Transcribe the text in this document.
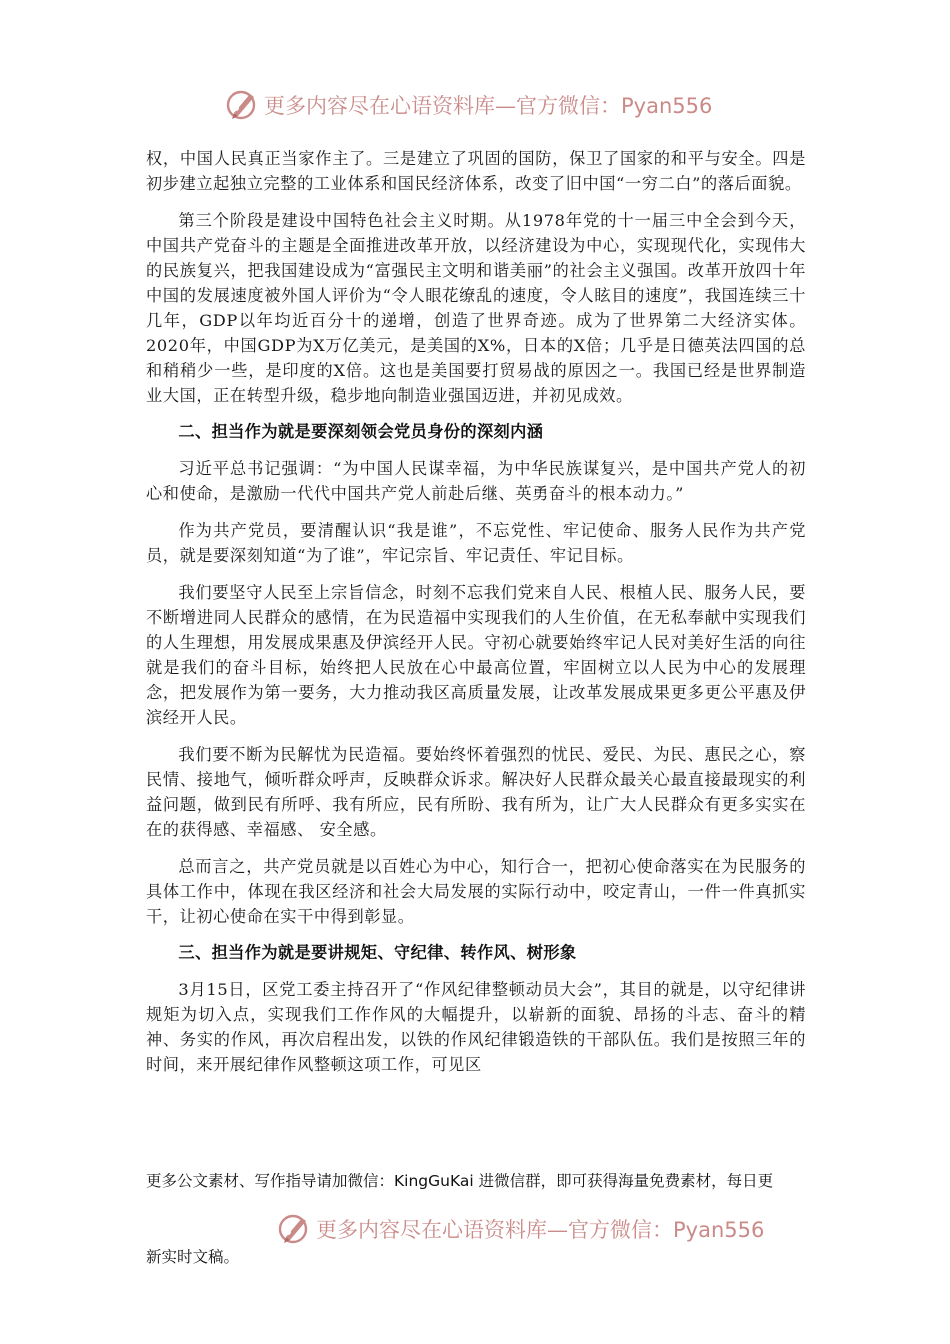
更多内容尽在心语资料库—官方微信：Pyan556

权，中国人民真正当家作主了。三是建立了巩固的国防，保卫了国家的和平与安全。四是初步建立起独立完整的工业体系和国民经济体系，改变了旧中国“一穷二白”的落后面貌。

第三个阶段是建设中国特色社会主义时期。从1978年党的十一届三中全会到今天，中国共产党奋斗的主题是全面推进改革开放，以经济建设为中心，实现现代化，实现伟大的民族复兴，把我国建设成为“富强民主文明和谐美丽”的社会主义强国。改革开放四十年中国的发展速度被外国人评价为“令人眼花缭乱的速度，令人眩目的速度”，我国连续三十几年，GDP以年均近百分十的递增，创造了世界奇迹。成为了世界第二大经济实体。2020年，中国GDP为X万亿美元，是美国的X%，日本的X倍；几乎是日德英法四国的总和稍稍少一些，是印度的X倍。这也是美国要打贸易战的原因之一。我国已经是世界制造业大国，正在转型升级，稳步地向制造业强国迈进，并初见成效。

二、担当作为就是要深刻领会党员身份的深刻内涵

习近平总书记强调：“为中国人民谋幸福，为中华民族谋复兴，是中国共产党人的初心和使命，是激励一代代中国共产党人前赴后继、英勇奋斗的根本动力。”

作为共产党员，要清醒认识“我是谁”，不忘党性、牢记使命、服务人民作为共产党员，就是要深刻知道“为了谁”，牢记宗旨、牢记责任、牢记目标。

我们要坚守人民至上宗旨信念，时刻不忘我们党来自人民、根植人民、服务人民，要不断增进同人民群众的感情，在为民造福中实现我们的人生价值，在无私奉献中实现我们的人生理想，用发展成果惠及伊滨经开人民。守初心就要始终牢记人民对美好生活的向往就是我们的奋斗目标，始终把人民放在心中最高位置，牢固树立以人民为中心的发展理念，把发展作为第一要务，大力推动我区高质量发展，让改革发展成果更多更公平惠及伊滨经开人民。

我们要不断为民解忧为民造福。要始终怀着强烈的忧民、爱民、为民、惠民之心，察民情、接地气，倾听群众呼声，反映群众诉求。解决好人民群众最关心最直接最现实的利益问题，做到民有所呼、我有所应，民有所盼、我有所为，让广大人民群众有更多实实在在的获得感、幸福感、 安全感。

总而言之，共产党员就是以百姓心为中心，知行合一，把初心使命落实在为民服务的具体工作中，体现在我区经济和社会大局发展的实际行动中，咬定青山，一件一件真抓实干，让初心使命在实干中得到彰显。

三、担当作为就是要讲规矩、守纪律、转作风、树形象

3月15日，区党工委主持召开了“作风纪律整顿动员大会”，其目的就是，以守纪律讲规矩为切入点，实现我们工作作风的大幅提升，以崭新的面貌、昂扬的斗志、奋斗的精神、务实的作风，再次启程出发，以铁的作风纪律锻造铁的干部队伍。我们是按照三年的时间，来开展纪律作风整顿这项工作，可见区

更多公文素材、写作指导请加微信：KingGuKai 进微信群，即可获得海量免费素材，每日更
更多内容尽在心语资料库—官方微信：Pyan556
新实时文稿。
